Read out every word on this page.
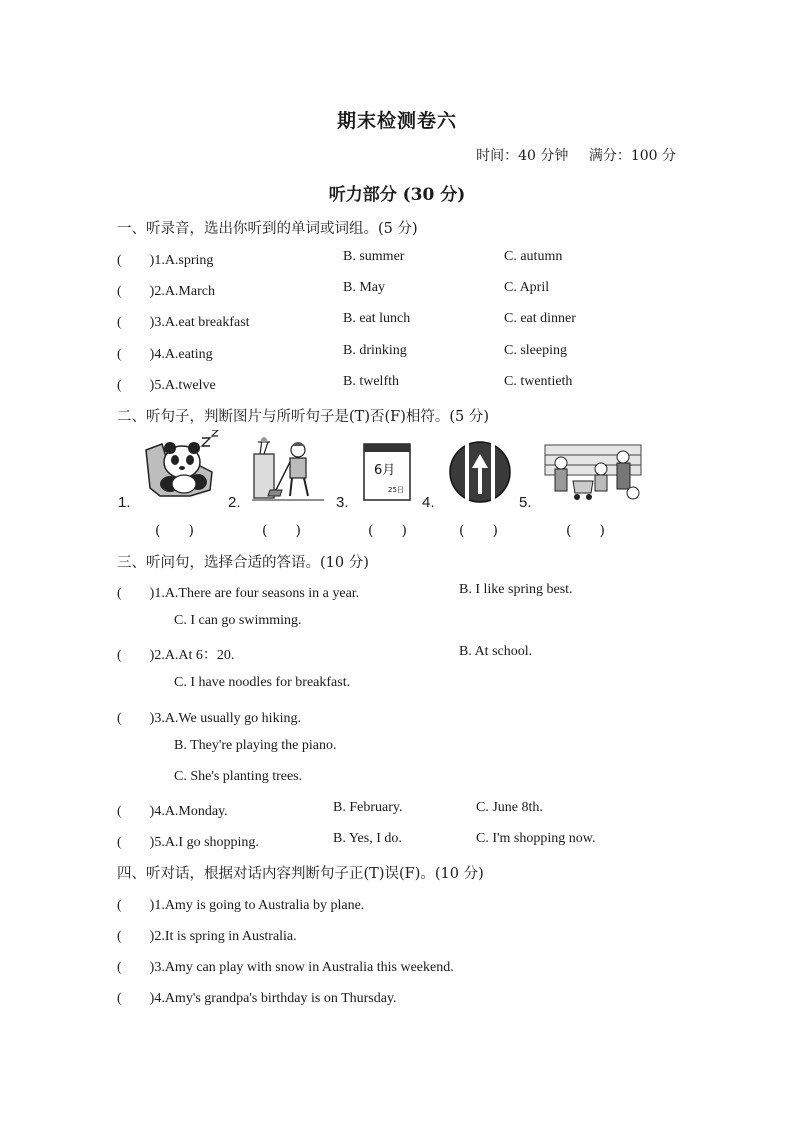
期末检测卷六
时间：40 分钟 满分：100 分
听力部分 (30 分)
一、听录音，选出你听到的单词或词组。(5 分)
(　　)1.A.spring	B. summer	C. autumn
(　　)2.A.March	B. May	C. April
(　　)3.A.eat breakfast	B. eat lunch	C. eat dinner
(　　)4.A.eating	B. drinking	C. sleeping
(　　)5.A.twelve	B. twelfth	C. twentieth
二、听句子，判断图片与所听句子是(T)否(F)相符。(5 分)
1.	2.	3.	4.	5.
6月
25日
(　　)	(　　)	(　　)	(　　)	(　　)
三、听问句，选择合适的答语。(10 分)
(　　)1.A.There are four seasons in a year.	B. I like spring best.
C. I can go swimming.
(　　)2.A.At 6：20.	B. At school.
C. I have noodles for breakfast.
(　　)3.A.We usually go hiking.
B. They're playing the piano.
C. She's planting trees.
(　　)4.A.Monday.	B. February.	C. June 8th.
(　　)5.A.I go shopping.	B. Yes, I do.	C. I'm shopping now.
四、听对话，根据对话内容判断句子正(T)误(F)。(10 分)
(　　)1.Amy is going to Australia by plane.
(　　)2.It is spring in Australia.
(　　)3.Amy can play with snow in Australia this weekend.
(　　)4.Amy's grandpa's birthday is on Thursday.
